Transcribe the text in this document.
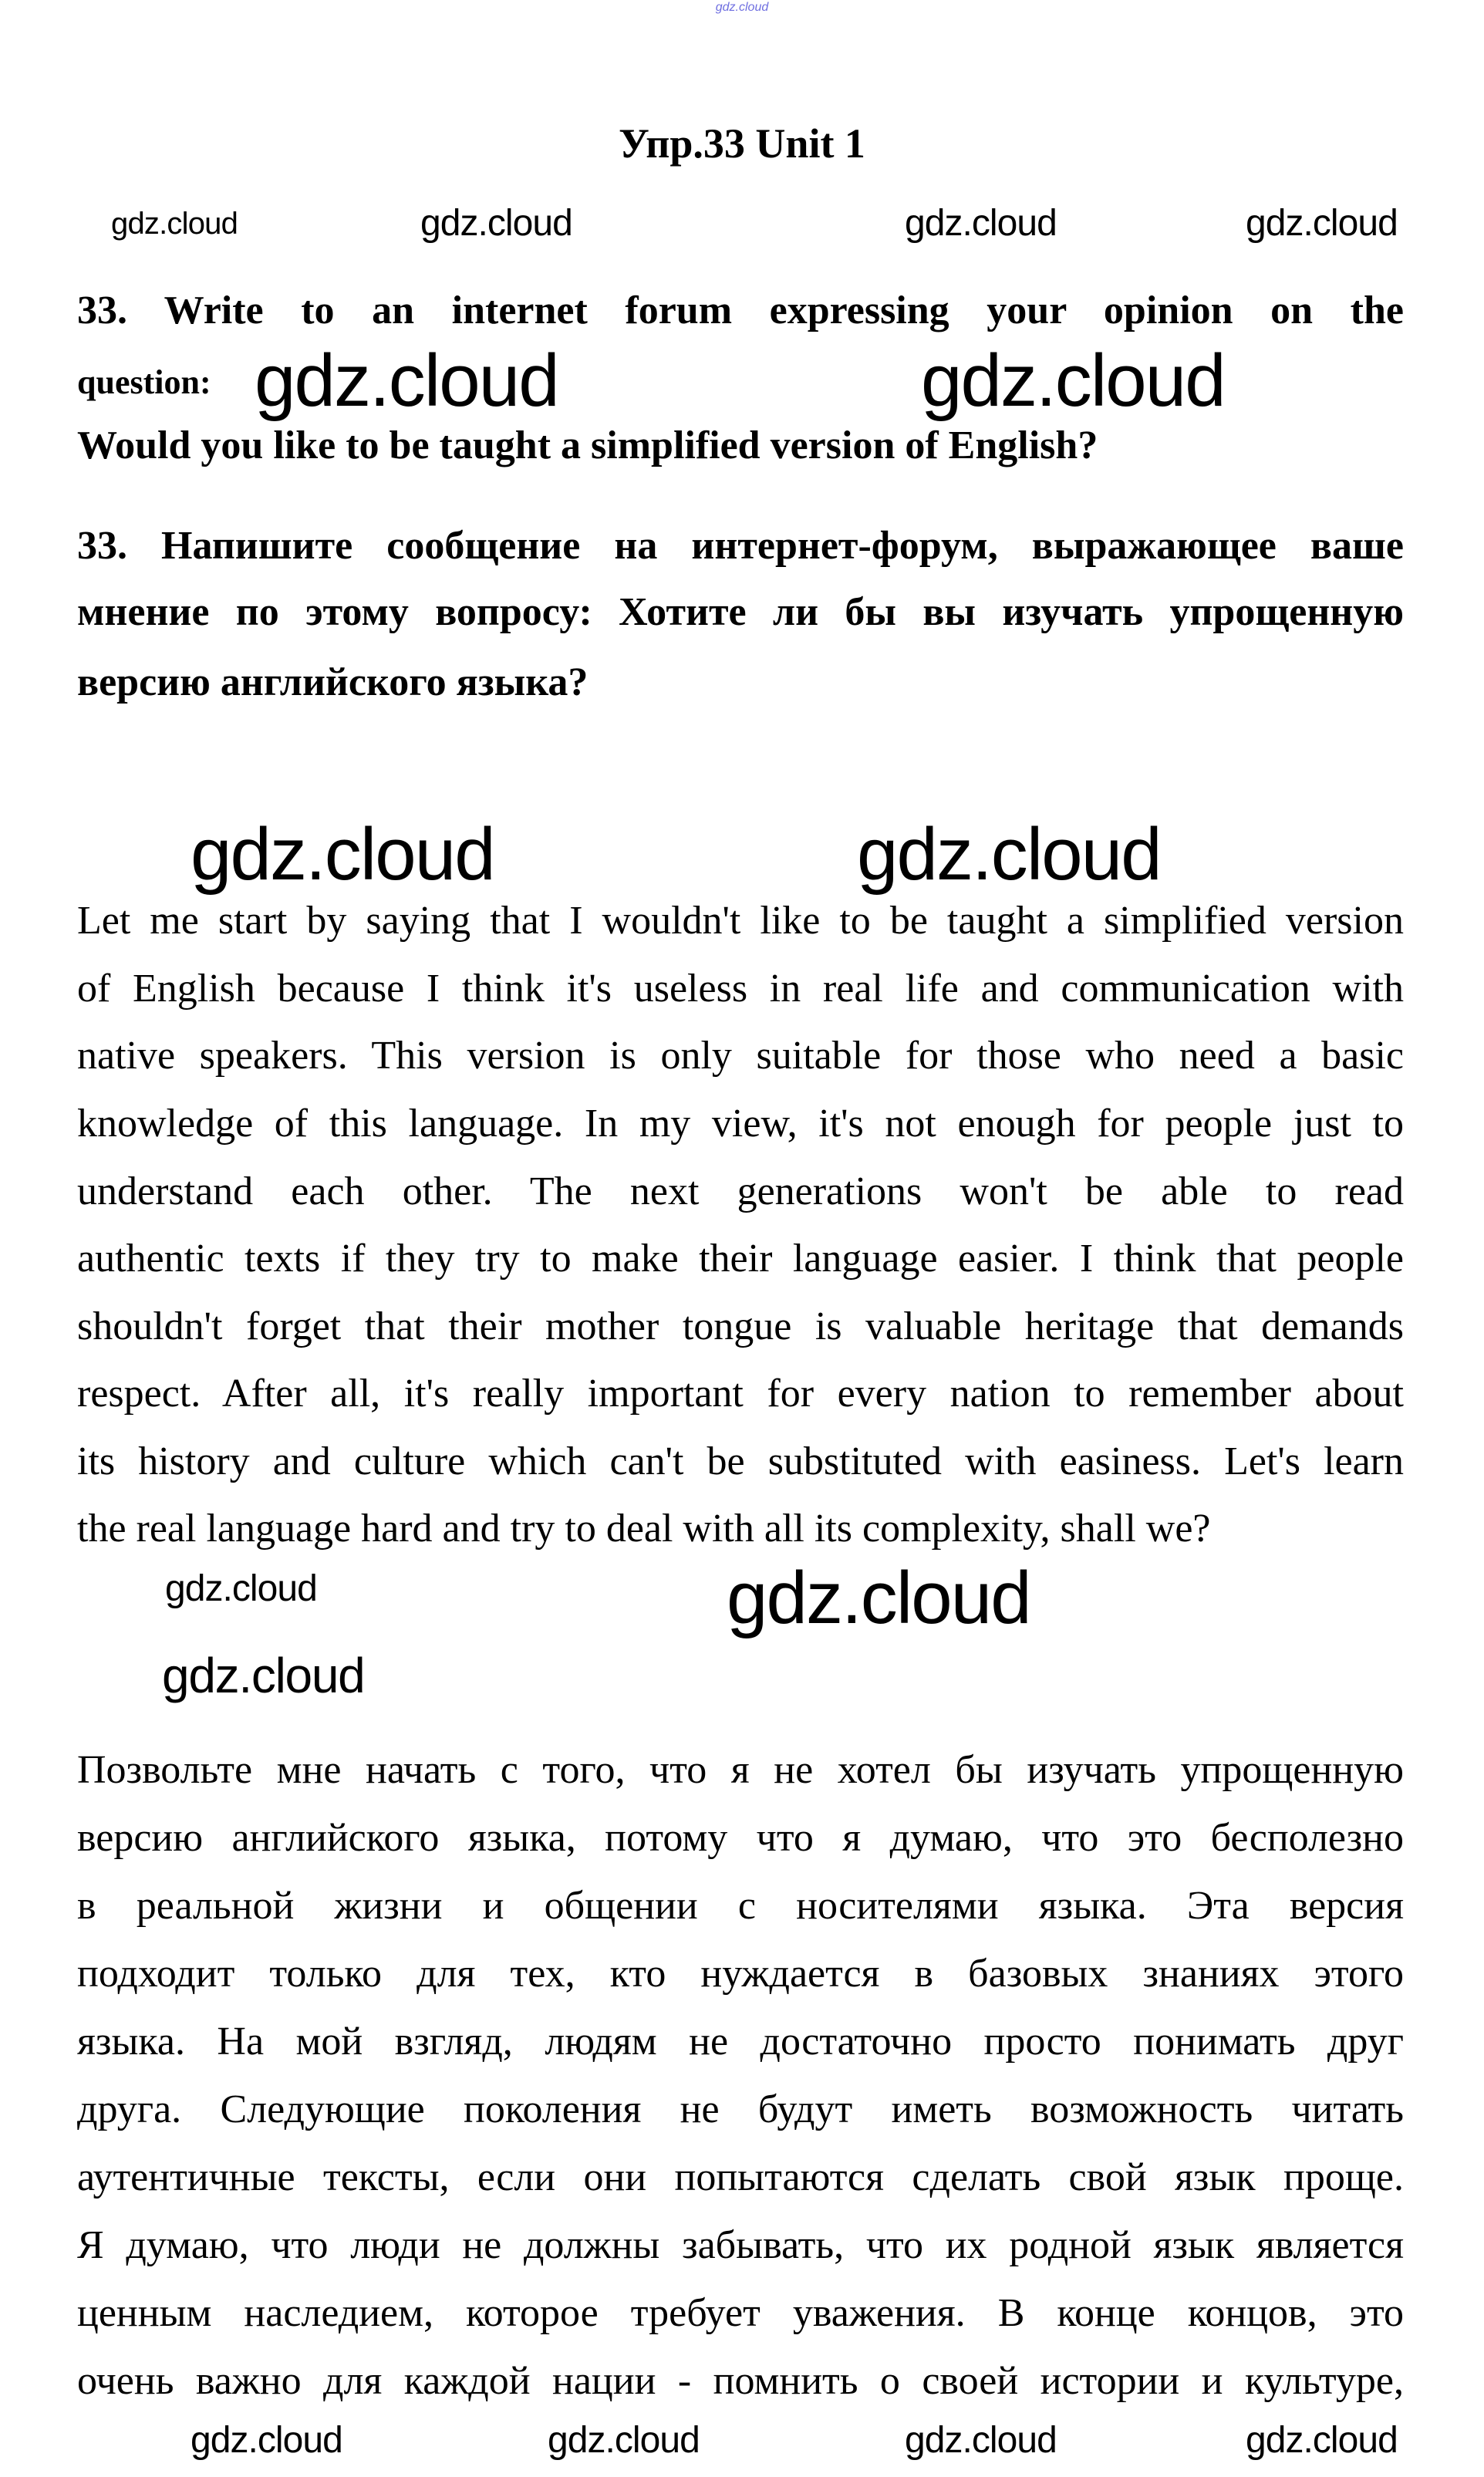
gdz.cloud
Упр.33 Unit 1
33. Write to an internet forum expressing your opinion on the
question:
Would you like to be taught a simplified version of English?
33. Напишите сообщение на интернет-форум, выражающее ваше
мнение по этому вопросу: Хотите ли бы вы изучать упрощенную
версию английского языка?
Let me start by saying that I wouldn't like to be taught a simplified version
of English because I think it's useless in real life and communication with
native speakers. This version is only suitable for those who need a basic
knowledge of this language. In my view, it's not enough for people just to
understand each other. The next generations won't be able to read
authentic texts if they try to make their language easier. I think that people
shouldn't forget that their mother tongue is valuable heritage that demands
respect. After all, it's really important for every nation to remember about
its history and culture which can't be substituted with easiness. Let's learn
the real language hard and try to deal with all its complexity, shall we?
Позвольте мне начать с того, что я не хотел бы изучать упрощенную
версию английского языка, потому что я думаю, что это бесполезно
в реальной жизни и общении с носителями языка. Эта версия
подходит только для тех, кто нуждается в базовых знаниях этого
языка. На мой взгляд, людям не достаточно просто понимать друг
друга. Следующие поколения не будут иметь возможность читать
аутентичные тексты, если они попытаются сделать свой язык проще.
Я думаю, что люди не должны забывать, что их родной язык является
ценным наследием, которое требует уважения. В конце концов, это
очень важно для каждой нации - помнить о своей истории и культуре,
gdz.cloud	gdz.cloud
gdz.cloud	gdz.cloud
gdz.cloud	gdz.cloud
gdz.cloud
gdz.cloud	gdz.cloud	gdz.cloud	gdz.cloud
gdz.cloud	gdz.cloud
gdz.cloud	gdz.cloud
